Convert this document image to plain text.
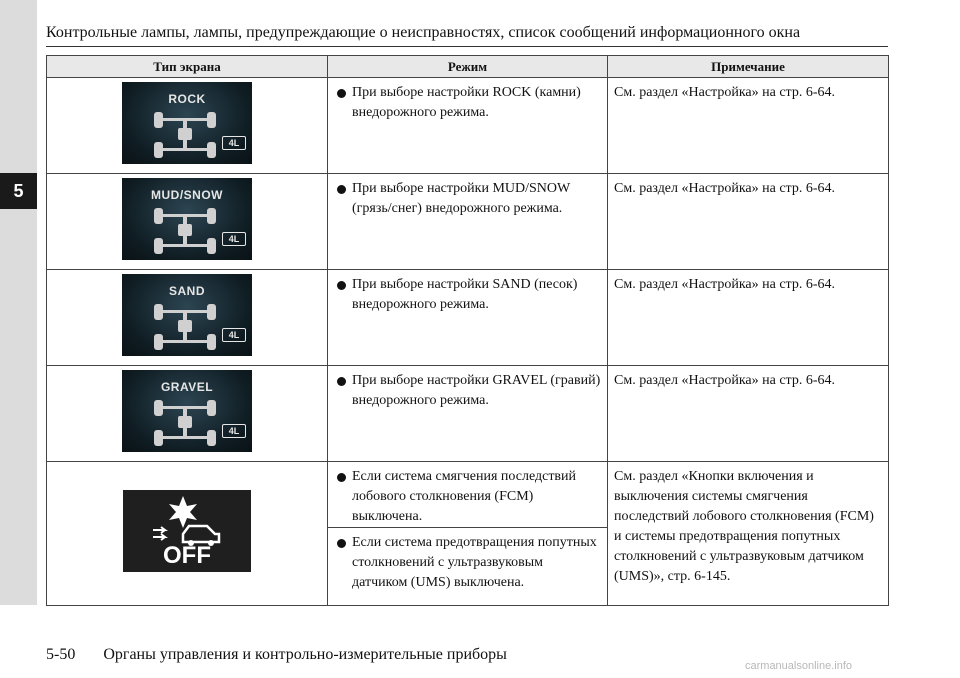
5
Контрольные лампы, лампы, предупреждающие о неисправностях, список сообщений информационного окна
Тип экрана	Режим	Примечание

ROCK
4L	При выборе настройки ROCK (камни) внедорожного режима.	См. раздел «Настройка» на стр. 6-64.

MUD/SNOW
4L	При выборе настройки MUD/SNOW (грязь/снег) внедорожного режима.	См. раздел «Настройка» на стр. 6-64.

SAND
4L	При выборе настройки SAND (песок) внедорожного режима.	См. раздел «Настройка» на стр. 6-64.

GRAVEL
4L	При выборе настройки GRAVEL (гравий) внедорожного режима.	См. раздел «Настройка» на стр. 6-64.

OFF	Если система смягчения последствий лобового столкновения (FCM) выключена.	См. раздел «Кнопки включения и выключения системы смягчения последствий лобового столкновения (FCM) и системы предотвращения попутных столкновений с ультразвуковым датчиком (UMS)», стр. 6-145.

	Если система предотвращения попутных столкновений с ультразвуковым датчиком (UMS) выключена.	
5-50 Органы управления и контрольно-измерительные приборы
carmanualsonline.info
